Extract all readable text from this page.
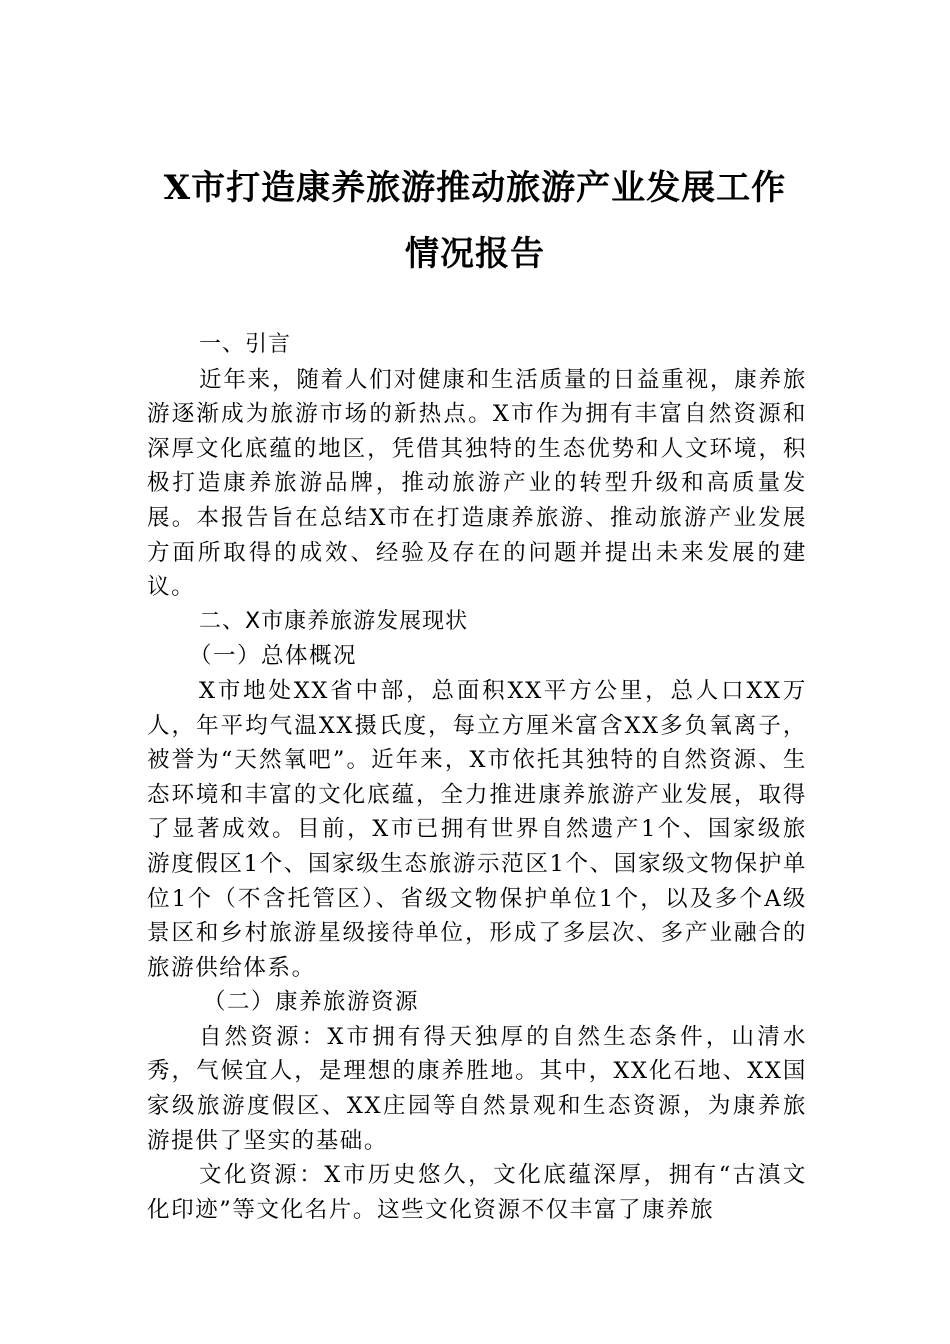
X市打造康养旅游推动旅游产业发展工作
情况报告

一、引言

近年来，随着人们对健康和生活质量的日益重视，康养旅游逐渐成为旅游市场的新热点。X市作为拥有丰富自然资源和深厚文化底蕴的地区，凭借其独特的生态优势和人文环境，积极打造康养旅游品牌，推动旅游产业的转型升级和高质量发展。本报告旨在总结X市在打造康养旅游、推动旅游产业发展方面所取得的成效、经验及存在的问题并提出未来发展的建议。

二、X市康养旅游发展现状

（一）总体概况

X市地处XX省中部，总面积XX平方公里，总人口XX万人，年平均气温XX摄氏度，每立方厘米富含XX多负氧离子，被誉为“天然氧吧”。近年来，X市依托其独特的自然资源、生态环境和丰富的文化底蕴，全力推进康养旅游产业发展，取得了显著成效。目前，X市已拥有世界自然遗产1个、国家级旅游度假区1个、国家级生态旅游示范区1个、国家级文物保护单位1个（不含托管区）、省级文物保护单位1个，以及多个A级景区和乡村旅游星级接待单位，形成了多层次、多产业融合的旅游供给体系。

（二）康养旅游资源

自然资源：X市拥有得天独厚的自然生态条件，山清水秀，气候宜人，是理想的康养胜地。其中，XX化石地、XX国家级旅游度假区、XX庄园等自然景观和生态资源，为康养旅游提供了坚实的基础。

文化资源：X市历史悠久，文化底蕴深厚，拥有“古滇文化印迹”等文化名片。这些文化资源不仅丰富了康养旅
